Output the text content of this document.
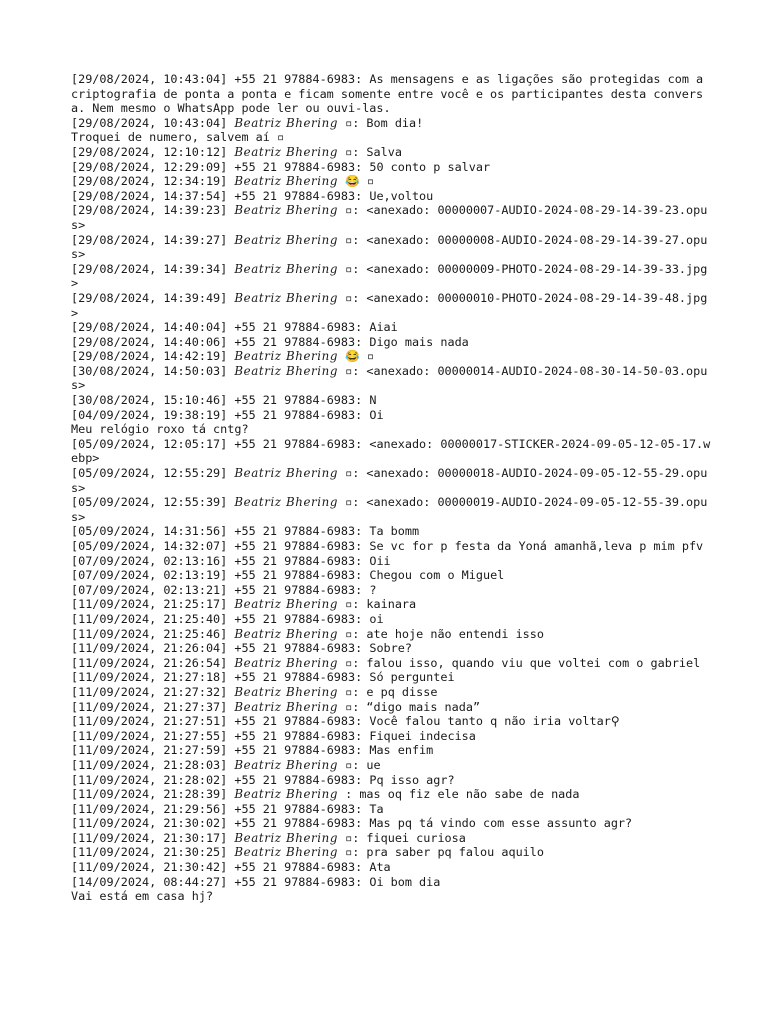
[29/08/2024, 10:43:04] +55 21 97884-6983: As mensagens e as ligações são protegidas com a criptografia de ponta a ponta e ficam somente entre você e os participantes desta conversa. Nem mesmo o WhatsApp pode ler ou ouvi-las.
[29/08/2024, 10:43:04] Beatriz Bhering ▫: Bom dia!
Troquei de numero, salvem aí ▫
[29/08/2024, 12:10:12] Beatriz Bhering ▫: Salva
[29/08/2024, 12:29:09] +55 21 97884-6983: 50 conto p salvar
[29/08/2024, 12:34:19] Beatriz Bhering 😂 ▫
[29/08/2024, 14:37:54] +55 21 97884-6983: Ue,voltou
[29/08/2024, 14:39:23] Beatriz Bhering ▫: <anexado: 00000007-AUDIO-2024-08-29-14-39-23.opus>
[29/08/2024, 14:39:27] Beatriz Bhering ▫: <anexado: 00000008-AUDIO-2024-08-29-14-39-27.opus>
[29/08/2024, 14:39:34] Beatriz Bhering ▫: <anexado: 00000009-PHOTO-2024-08-29-14-39-33.jpg>
[29/08/2024, 14:39:49] Beatriz Bhering ▫: <anexado: 00000010-PHOTO-2024-08-29-14-39-48.jpg>
[29/08/2024, 14:40:04] +55 21 97884-6983: Aiai
[29/08/2024, 14:40:06] +55 21 97884-6983: Digo mais nada
[29/08/2024, 14:42:19] Beatriz Bhering 😂 ▫
[30/08/2024, 14:50:03] Beatriz Bhering ▫: <anexado: 00000014-AUDIO-2024-08-30-14-50-03.opus>
[30/08/2024, 15:10:46] +55 21 97884-6983: N
[04/09/2024, 19:38:19] +55 21 97884-6983: Oi
Meu relógio roxo tá cntg?
[05/09/2024, 12:05:17] +55 21 97884-6983: <anexado: 00000017-STICKER-2024-09-05-12-05-17.webp>
[05/09/2024, 12:55:29] Beatriz Bhering ▫: <anexado: 00000018-AUDIO-2024-09-05-12-55-29.opus>
[05/09/2024, 12:55:39] Beatriz Bhering ▫: <anexado: 00000019-AUDIO-2024-09-05-12-55-39.opus>
[05/09/2024, 14:31:56] +55 21 97884-6983: Ta bomm
[05/09/2024, 14:32:07] +55 21 97884-6983: Se vc for p festa da Yoná amanhã,leva p mim pfv
[07/09/2024, 02:13:16] +55 21 97884-6983: Oii
[07/09/2024, 02:13:19] +55 21 97884-6983: Chegou com o Miguel
[07/09/2024, 02:13:21] +55 21 97884-6983: ?
[11/09/2024, 21:25:17] Beatriz Bhering ▫: kainara
[11/09/2024, 21:25:40] +55 21 97884-6983: oi
[11/09/2024, 21:25:46] Beatriz Bhering ▫: ate hoje não entendi isso
[11/09/2024, 21:26:04] +55 21 97884-6983: Sobre?
[11/09/2024, 21:26:54] Beatriz Bhering ▫: falou isso, quando viu que voltei com o gabriel
[11/09/2024, 21:27:18] +55 21 97884-6983: Só perguntei
[11/09/2024, 21:27:32] Beatriz Bhering ▫: e pq disse
[11/09/2024, 21:27:37] Beatriz Bhering ▫: “digo mais nada”
[11/09/2024, 21:27:51] +55 21 97884-6983: Você falou tanto q não iria voltar⚲
[11/09/2024, 21:27:55] +55 21 97884-6983: Fiquei indecisa
[11/09/2024, 21:27:59] +55 21 97884-6983: Mas enfim
[11/09/2024, 21:28:03] Beatriz Bhering ▫: ue
[11/09/2024, 21:28:02] +55 21 97884-6983: Pq isso agr?
[11/09/2024, 21:28:39] Beatriz Bhering : mas oq fiz ele não sabe de nada
[11/09/2024, 21:29:56] +55 21 97884-6983: Ta
[11/09/2024, 21:30:02] +55 21 97884-6983: Mas pq tá vindo com esse assunto agr?
[11/09/2024, 21:30:17] Beatriz Bhering ▫: fiquei curiosa
[11/09/2024, 21:30:25] Beatriz Bhering ▫: pra saber pq falou aquilo
[11/09/2024, 21:30:42] +55 21 97884-6983: Ata
[14/09/2024, 08:44:27] +55 21 97884-6983: Oi bom dia
Vai está em casa hj?
